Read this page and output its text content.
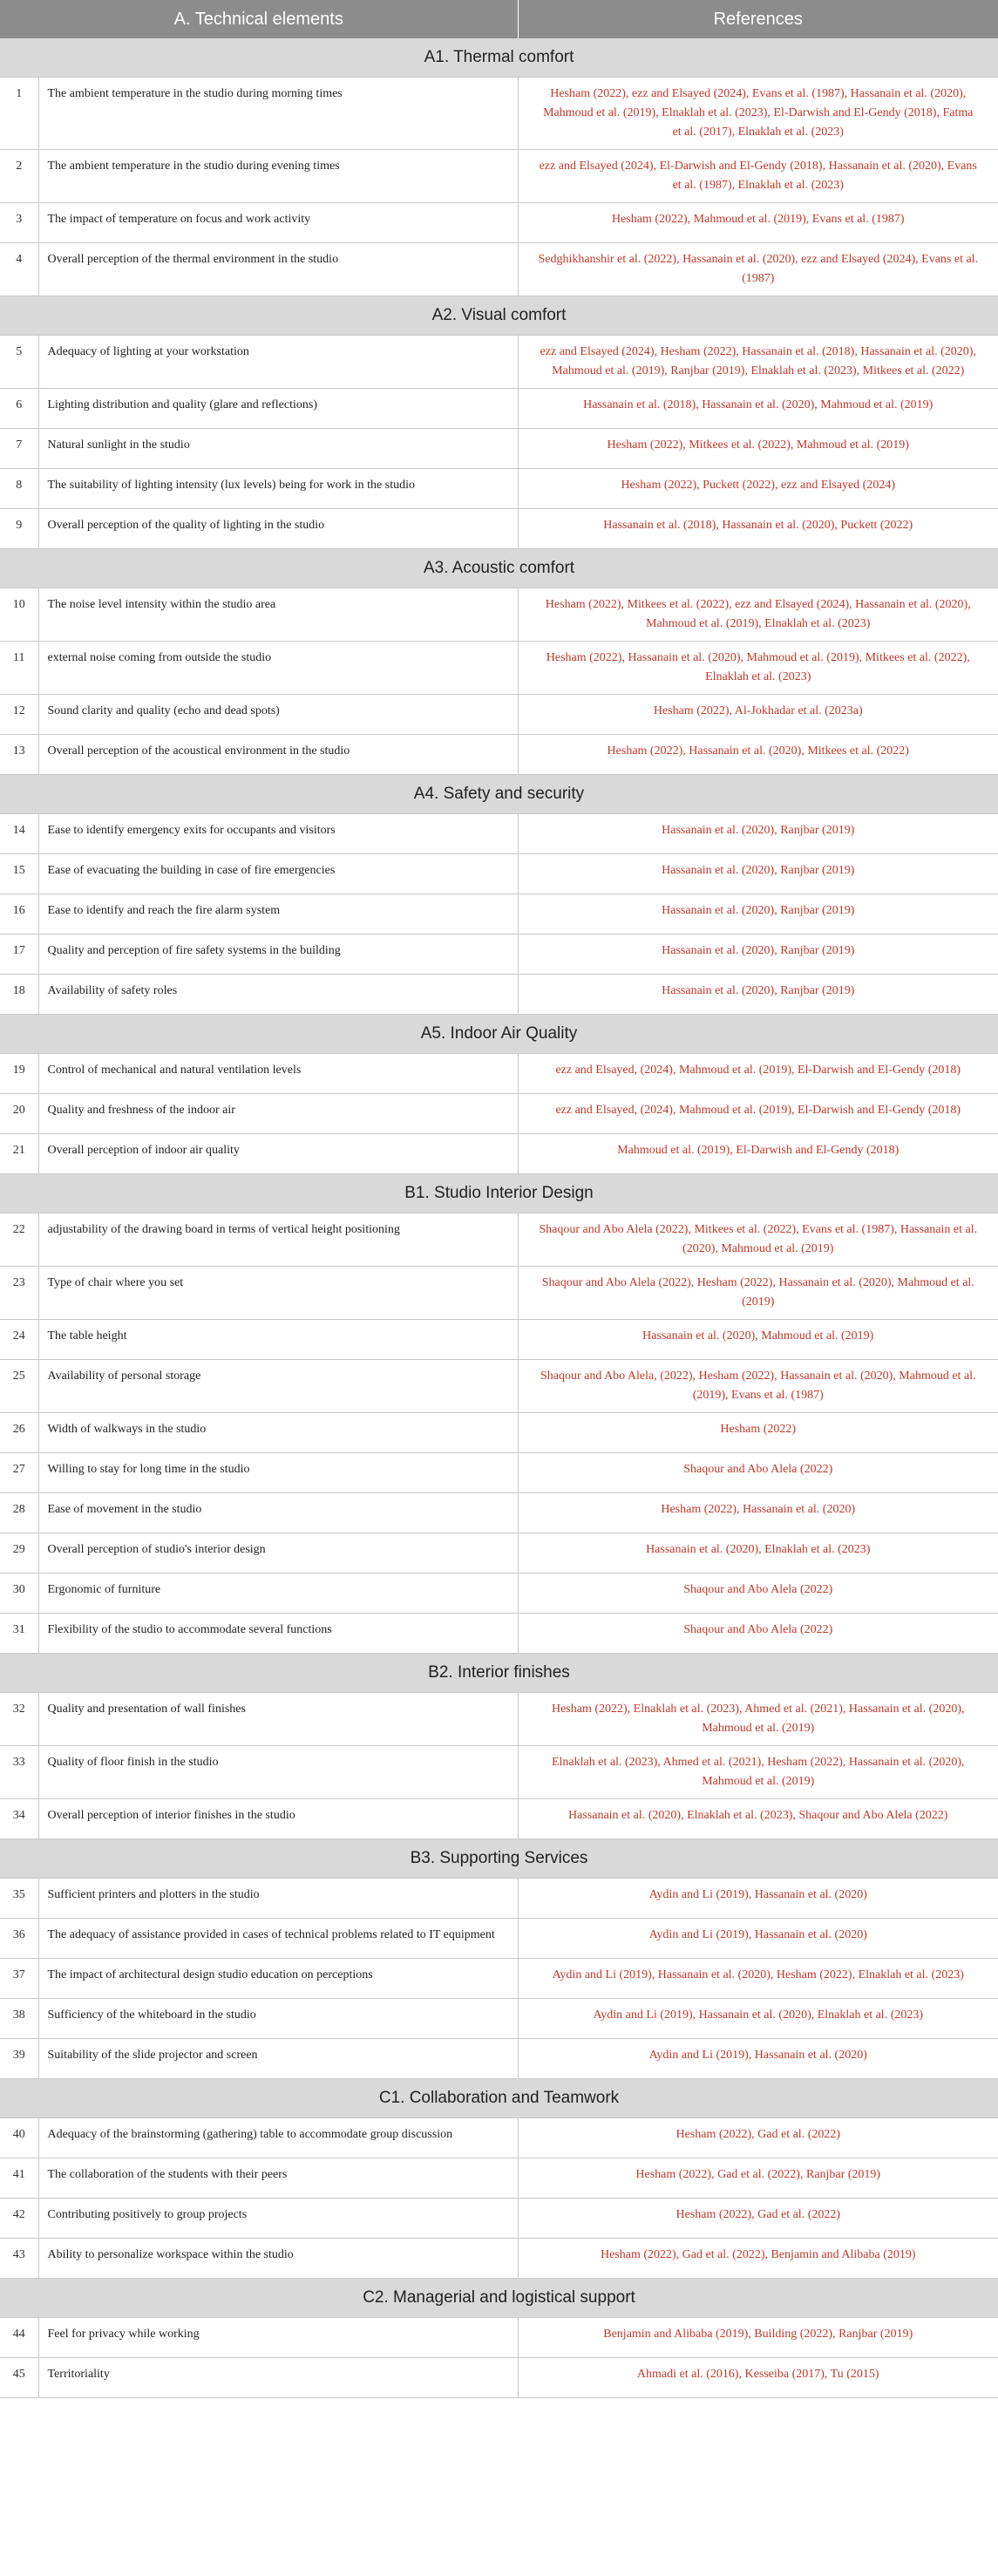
A. Technical elements		References
A1. Thermal comfort		
1	The ambient temperature in the studio during morning times	Hesham (2022), ezz and Elsayed (2024), Evans et al. (1987), Hassanain et al. (2020), Mahmoud et al. (2019), Elnaklah et al. (2023), El-Darwish and El-Gendy (2018), Fatma et al. (2017), Elnaklah et al. (2023)
2	The ambient temperature in the studio during evening times	ezz and Elsayed (2024), El-Darwish and El-Gendy (2018), Hassanain et al. (2020), Evans et al. (1987), Elnaklah et al. (2023)
3	The impact of temperature on focus and work activity	Hesham (2022), Mahmoud et al. (2019), Evans et al. (1987)
4	Overall perception of the thermal environment in the studio	Sedghikhanshir et al. (2022), Hassanain et al. (2020), ezz and Elsayed (2024), Evans et al. (1987)
A2. Visual comfort		
5	Adequacy of lighting at your workstation	ezz and Elsayed (2024), Hesham (2022), Hassanain et al. (2018), Hassanain et al. (2020), Mahmoud et al. (2019), Ranjbar (2019), Elnaklah et al. (2023), Mitkees et al. (2022)
6	Lighting distribution and quality (glare and reflections)	Hassanain et al. (2018), Hassanain et al. (2020), Mahmoud et al. (2019)
7	Natural sunlight in the studio	Hesham (2022), Mitkees et al. (2022), Mahmoud et al. (2019)
8	The suitability of lighting intensity (lux levels) being for work in the studio	Hesham (2022), Puckett (2022), ezz and Elsayed (2024)
9	Overall perception of the quality of lighting in the studio	Hassanain et al. (2018), Hassanain et al. (2020), Puckett (2022)
A3. Acoustic comfort		
10	The noise level intensity within the studio area	Hesham (2022), Mitkees et al. (2022), ezz and Elsayed (2024), Hassanain et al. (2020), Mahmoud et al. (2019), Elnaklah et al. (2023)
11	external noise coming from outside the studio	Hesham (2022), Hassanain et al. (2020), Mahmoud et al. (2019), Mitkees et al. (2022), Elnaklah et al. (2023)
12	Sound clarity and quality (echo and dead spots)	Hesham (2022), Al-Jokhadar et al. (2023a)
13	Overall perception of the acoustical environment in the studio	Hesham (2022), Hassanain et al. (2020), Mitkees et al. (2022)
A4. Safety and security		
14	Ease to identify emergency exits for occupants and visitors	Hassanain et al. (2020), Ranjbar (2019)
15	Ease of evacuating the building in case of fire emergencies	Hassanain et al. (2020), Ranjbar (2019)
16	Ease to identify and reach the fire alarm system	Hassanain et al. (2020), Ranjbar (2019)
17	Quality and perception of fire safety systems in the building	Hassanain et al. (2020), Ranjbar (2019)
18	Availability of safety roles	Hassanain et al. (2020), Ranjbar (2019)
A5. Indoor Air Quality		
19	Control of mechanical and natural ventilation levels	ezz and Elsayed, (2024), Mahmoud et al. (2019), El-Darwish and El-Gendy (2018)
20	Quality and freshness of the indoor air	ezz and Elsayed, (2024), Mahmoud et al. (2019), El-Darwish and El-Gendy (2018)
21	Overall perception of indoor air quality	Mahmoud et al. (2019), El-Darwish and El-Gendy (2018)
B1. Studio Interior Design		
22	adjustability of the drawing board in terms of vertical height positioning	Shaqour and Abo Alela (2022), Mitkees et al. (2022), Evans et al. (1987), Hassanain et al. (2020), Mahmoud et al. (2019)
23	Type of chair where you set	Shaqour and Abo Alela (2022), Hesham (2022), Hassanain et al. (2020), Mahmoud et al. (2019)
24	The table height	Hassanain et al. (2020), Mahmoud et al. (2019)
25	Availability of personal storage	Shaqour and Abo Alela, (2022), Hesham (2022), Hassanain et al. (2020), Mahmoud et al. (2019), Evans et al. (1987)
26	Width of walkways in the studio	Hesham (2022)
27	Willing to stay for long time in the studio	Shaqour and Abo Alela (2022)
28	Ease of movement in the studio	Hesham (2022), Hassanain et al. (2020)
29	Overall perception of studio's interior design	Hassanain et al. (2020), Elnaklah et al. (2023)
30	Ergonomic of furniture	Shaqour and Abo Alela (2022)
31	Flexibility of the studio to accommodate several functions	Shaqour and Abo Alela (2022)
B2. Interior finishes		
32	Quality and presentation of wall finishes	Hesham (2022), Elnaklah et al. (2023), Ahmed et al. (2021), Hassanain et al. (2020), Mahmoud et al. (2019)
33	Quality of floor finish in the studio	Elnaklah et al. (2023), Ahmed et al. (2021), Hesham (2022), Hassanain et al. (2020), Mahmoud et al. (2019)
34	Overall perception of interior finishes in the studio	Hassanain et al. (2020), Elnaklah et al. (2023), Shaqour and Abo Alela (2022)
B3. Supporting Services		
35	Sufficient printers and plotters in the studio	Aydin and Li (2019), Hassanain et al. (2020)
36	The adequacy of assistance provided in cases of technical problems related to IT equipment	Aydin and Li (2019), Hassanain et al. (2020)
37	The impact of architectural design studio education on perceptions	Aydin and Li (2019), Hassanain et al. (2020), Hesham (2022), Elnaklah et al. (2023)
38	Sufficiency of the whiteboard in the studio	Aydin and Li (2019), Hassanain et al. (2020), Elnaklah et al. (2023)
39	Suitability of the slide projector and screen	Aydin and Li (2019), Hassanain et al. (2020)
C1. Collaboration and Teamwork		
40	Adequacy of the brainstorming (gathering) table to accommodate group discussion	Hesham (2022), Gad et al. (2022)
41	The collaboration of the students with their peers	Hesham (2022), Gad et al. (2022), Ranjbar (2019)
42	Contributing positively to group projects	Hesham (2022), Gad et al. (2022)
43	Ability to personalize workspace within the studio	Hesham (2022), Gad et al. (2022), Benjamin and Alibaba (2019)
C2. Managerial and logistical support		
44	Feel for privacy while working	Benjamin and Alibaba (2019), Building (2022), Ranjbar (2019)
45	Territoriality	Ahmadi et al. (2016), Kesseiba (2017), Tu (2015)
